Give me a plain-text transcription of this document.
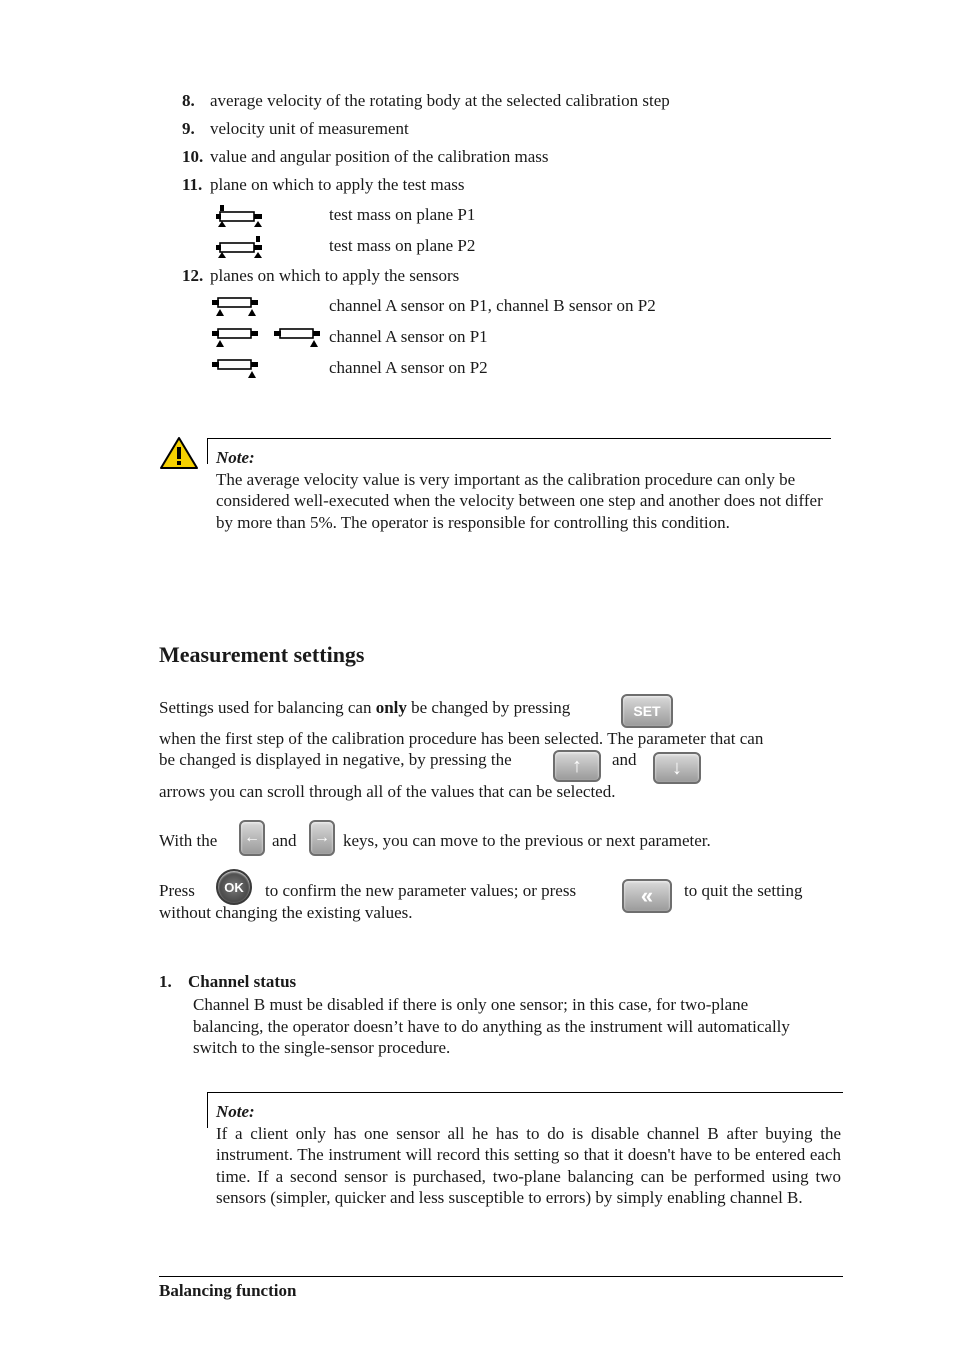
8. average velocity of the rotating body at the selected calibration step
9. velocity unit of measurement
10. value and angular position of the calibration mass
11. plane on which to apply the test mass
test mass on plane P1
test mass on plane P2
12. planes on which to apply the sensors
channel A sensor on P1, channel B sensor on P2
channel A sensor on P1
channel A sensor on P2
Note:
The average velocity value is very important as the calibration procedure can only be considered well-executed when the velocity between one step and another does not differ by more than 5%. The operator is responsible for controlling this condition.
Measurement settings
Settings used for balancing can only be changed by pressing	SET
when the first step of the calibration procedure has been selected. The parameter that can
be changed is displayed in negative, by pressing the	↑	and	↓
arrows you can scroll through all of the values that can be selected.
With the	← and	→ keys, you can move to the previous or next parameter.
Press	OK	to confirm the new parameter values; or press	«	to quit the setting
without changing the existing values.
1. Channel status
Channel B must be disabled if there is only one sensor; in this case, for two-plane balancing, the operator doesn’t have to do anything as the instrument will automatically switch to the single-sensor procedure.
Note:
If a client only has one sensor all he has to do is disable channel B after buying the instrument. The instrument will record this setting so that it doesn't have to be entered each time. If a second sensor is purchased, two-plane balancing can be performed using two sensors (simpler, quicker and less susceptible to errors) by simply enabling channel B.
Balancing function
